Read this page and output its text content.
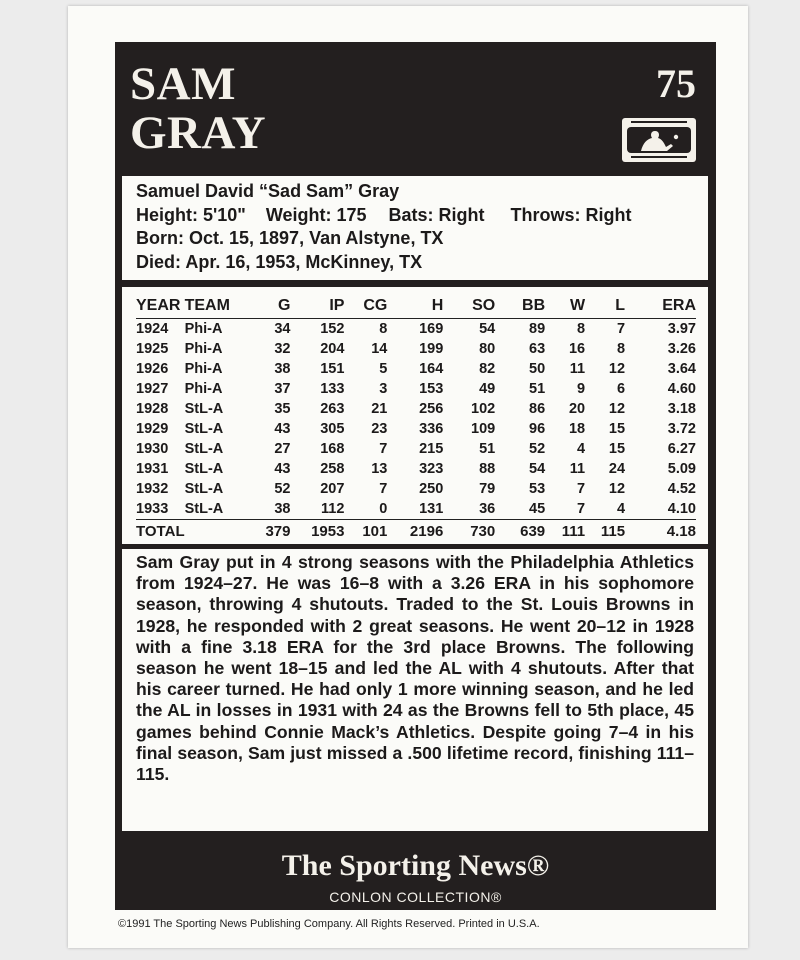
SAM
GRAY
75
Samuel David “Sad Sam” Gray
Height: 5'10" Weight: 175 Bats: Right Throws: Right
Born: Oct. 15, 1897, Van Alstyne, TX
Died: Apr. 16, 1953, McKinney, TX
YEAR	TEAM	G	IP	CG	H	SO	BB	W	L	ERA
1924	Phi-A	34	152	8	169	54	89	8	7	3.97
1925	Phi-A	32	204	14	199	80	63	16	8	3.26
1926	Phi-A	38	151	5	164	82	50	11	12	3.64
1927	Phi-A	37	133	3	153	49	51	9	6	4.60
1928	StL-A	35	263	21	256	102	86	20	12	3.18
1929	StL-A	43	305	23	336	109	96	18	15	3.72
1930	StL-A	27	168	7	215	51	52	4	15	6.27
1931	StL-A	43	258	13	323	88	54	11	24	5.09
1932	StL-A	52	207	7	250	79	53	7	12	4.52
1933	StL-A	38	112	0	131	36	45	7	4	4.10
TOTAL		379	1953	101	2196	730	639	111	115	4.18
Sam Gray put in 4 strong seasons with the Philadelphia Athletics from 1924–27. He was 16–8 with a 3.26 ERA in his sophomore season, throwing 4 shutouts. Traded to the St. Louis Browns in 1928, he responded with 2 great seasons. He went 20–12 in 1928 with a fine 3.18 ERA for the 3rd place Browns. The following season he went 18–15 and led the AL with 4 shutouts. After that his career turned. He had only 1 more winning season, and he led the AL in losses in 1931 with 24 as the Browns fell to 5th place, 45 games behind Connie Mack’s Athletics. Despite going 7–4 in his final season, Sam just missed a .500 lifetime record, finishing 111–115.
The Sporting News®
CONLON COLLECTION®
©1991 The Sporting News Publishing Company. All Rights Reserved. Printed in U.S.A.
